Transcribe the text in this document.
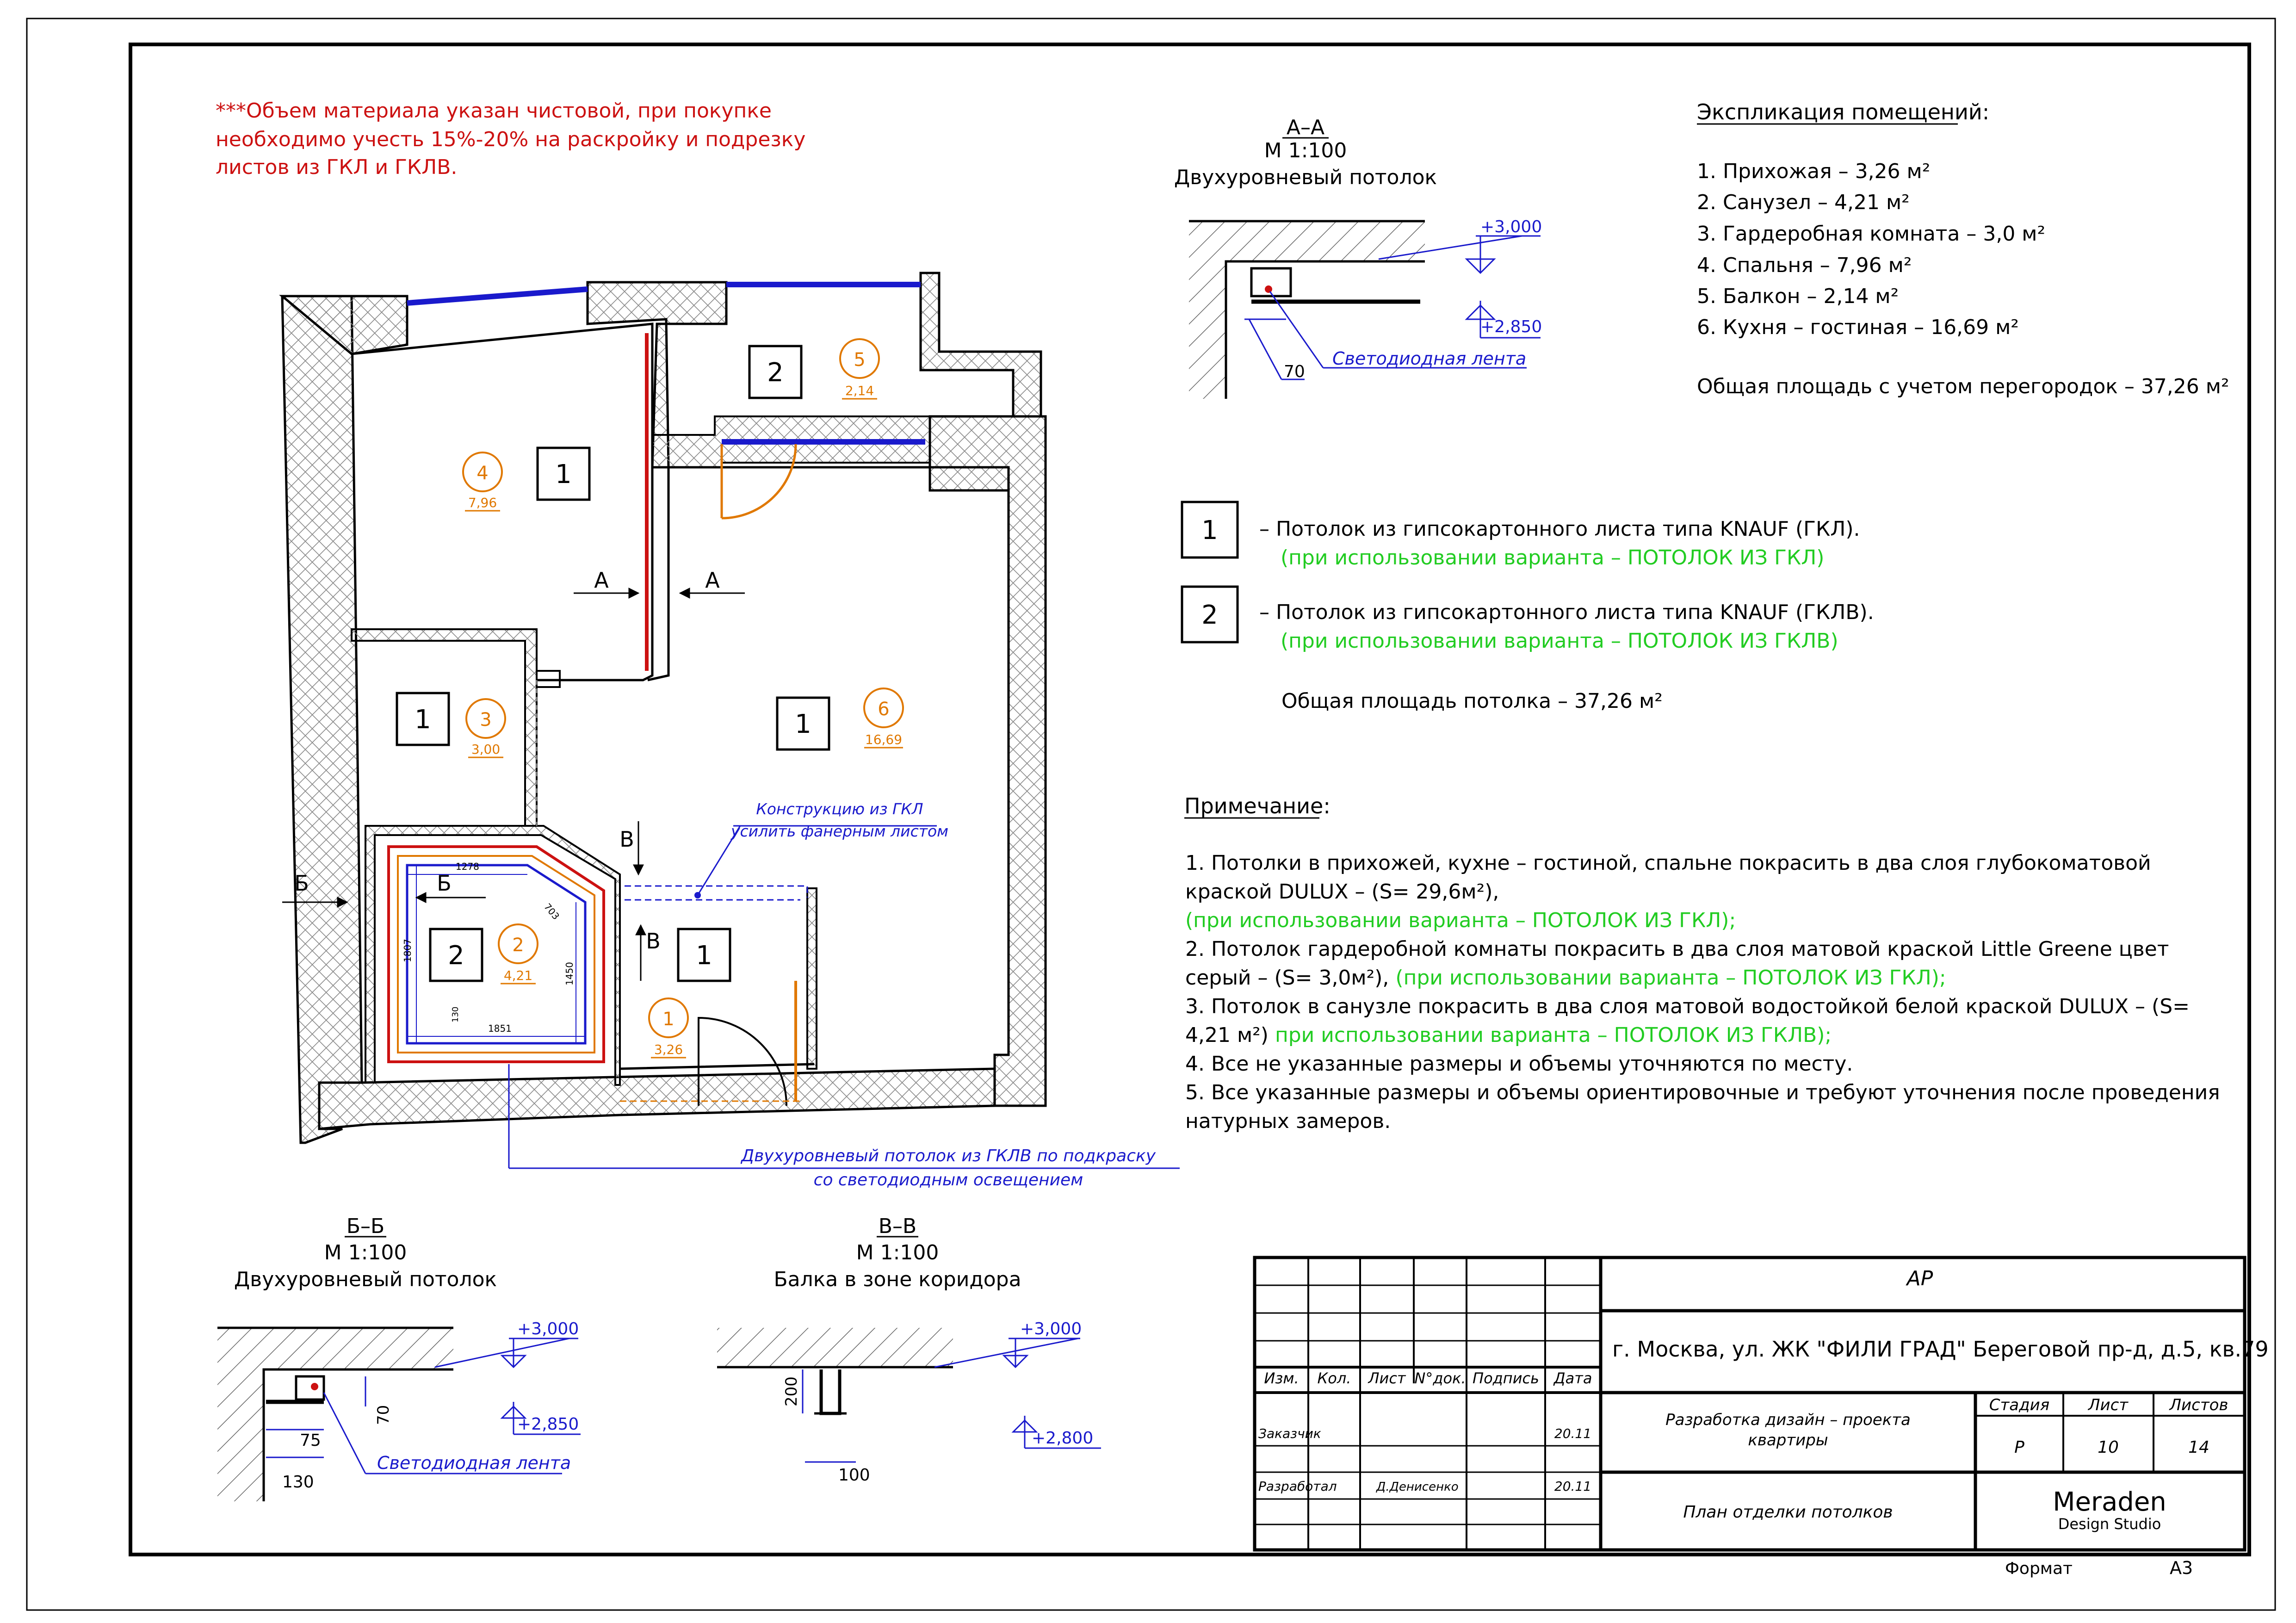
***Объем материала указан чистовой, при покупке
необходимо учесть 15%-20% на раскройку и подрезку
листов из ГКЛ и ГКЛВ.
1278
703
1807
1450
1851
130
1
2
1	1
2	1
4
7,96
5
2,14
3
3,00
6
16,69
2
4,21
1
3,26
А	А
Б	Б
В
В
Конструкцию из ГКЛ
усилить фанерным листом
Двухуровневый потолок из ГКЛВ по подкраску
со светодиодным освещением
А–А
М 1:100
Двухуровневый потолок
+3,000
+2,850
70
Светодиодная лента
Экспликация помещений:
1. Прихожая – 3,26 м²
2. Санузел – 4,21 м²
3. Гардеробная комната – 3,0 м²
4. Спальня – 7,96 м²
5. Балкон – 2,14 м²
6. Кухня – гостиная – 16,69 м²
Общая площадь с учетом перегородок – 37,26 м²
1 – Потолок из гипсокартонного листа типа KNAUF (ГКЛ).
(при использовании варианта – ПОТОЛОК ИЗ ГКЛ)
2 – Потолок из гипсокартонного листа типа KNAUF (ГКЛВ).
(при использовании варианта – ПОТОЛОК ИЗ ГКЛВ)
Общая площадь потолка – 37,26 м²
Примечание:
1. Потолки в прихожей, кухне – гостиной, спальне покрасить в два слоя глубокоматовой
краской DULUX – (S= 29,6м²),
(при использовании варианта – ПОТОЛОК ИЗ ГКЛ);
2. Потолок гардеробной комнаты покрасить в два слоя матовой краской Little Greene цвет
серый – (S= 3,0м²), (при использовании варианта – ПОТОЛОК ИЗ ГКЛ);
3. Потолок в санузле покрасить в два слоя матовой водостойкой белой краской DULUX – (S=
4,21 м²) при использовании варианта – ПОТОЛОК ИЗ ГКЛВ);
4. Все не указанные размеры и объемы уточняются по месту.
5. Все указанные размеры и объемы ориентировочные и требуют уточнения после проведения
натурных замеров.
Б–Б
М 1:100
Двухуровневый потолок
+3,000
+2,850
75
130
70
Светодиодная лента
В–В
М 1:100
Балка в зоне коридора
+3,000
+2,800
200
100
Изм. Кол. Лист N°док. Подпись Дата
Заказчик	20.11
Разработал	Д.Денисенко	20.11
АР
г. Москва, ул. ЖК "ФИЛИ ГРАД" Береговой пр-д, д.5, кв.79
Разработка дизайн – проекта
квартиры
Стадия Лист	Листов
Р	10	14
План отделки потолков	Meraden
Design Studio
Формат	А3
